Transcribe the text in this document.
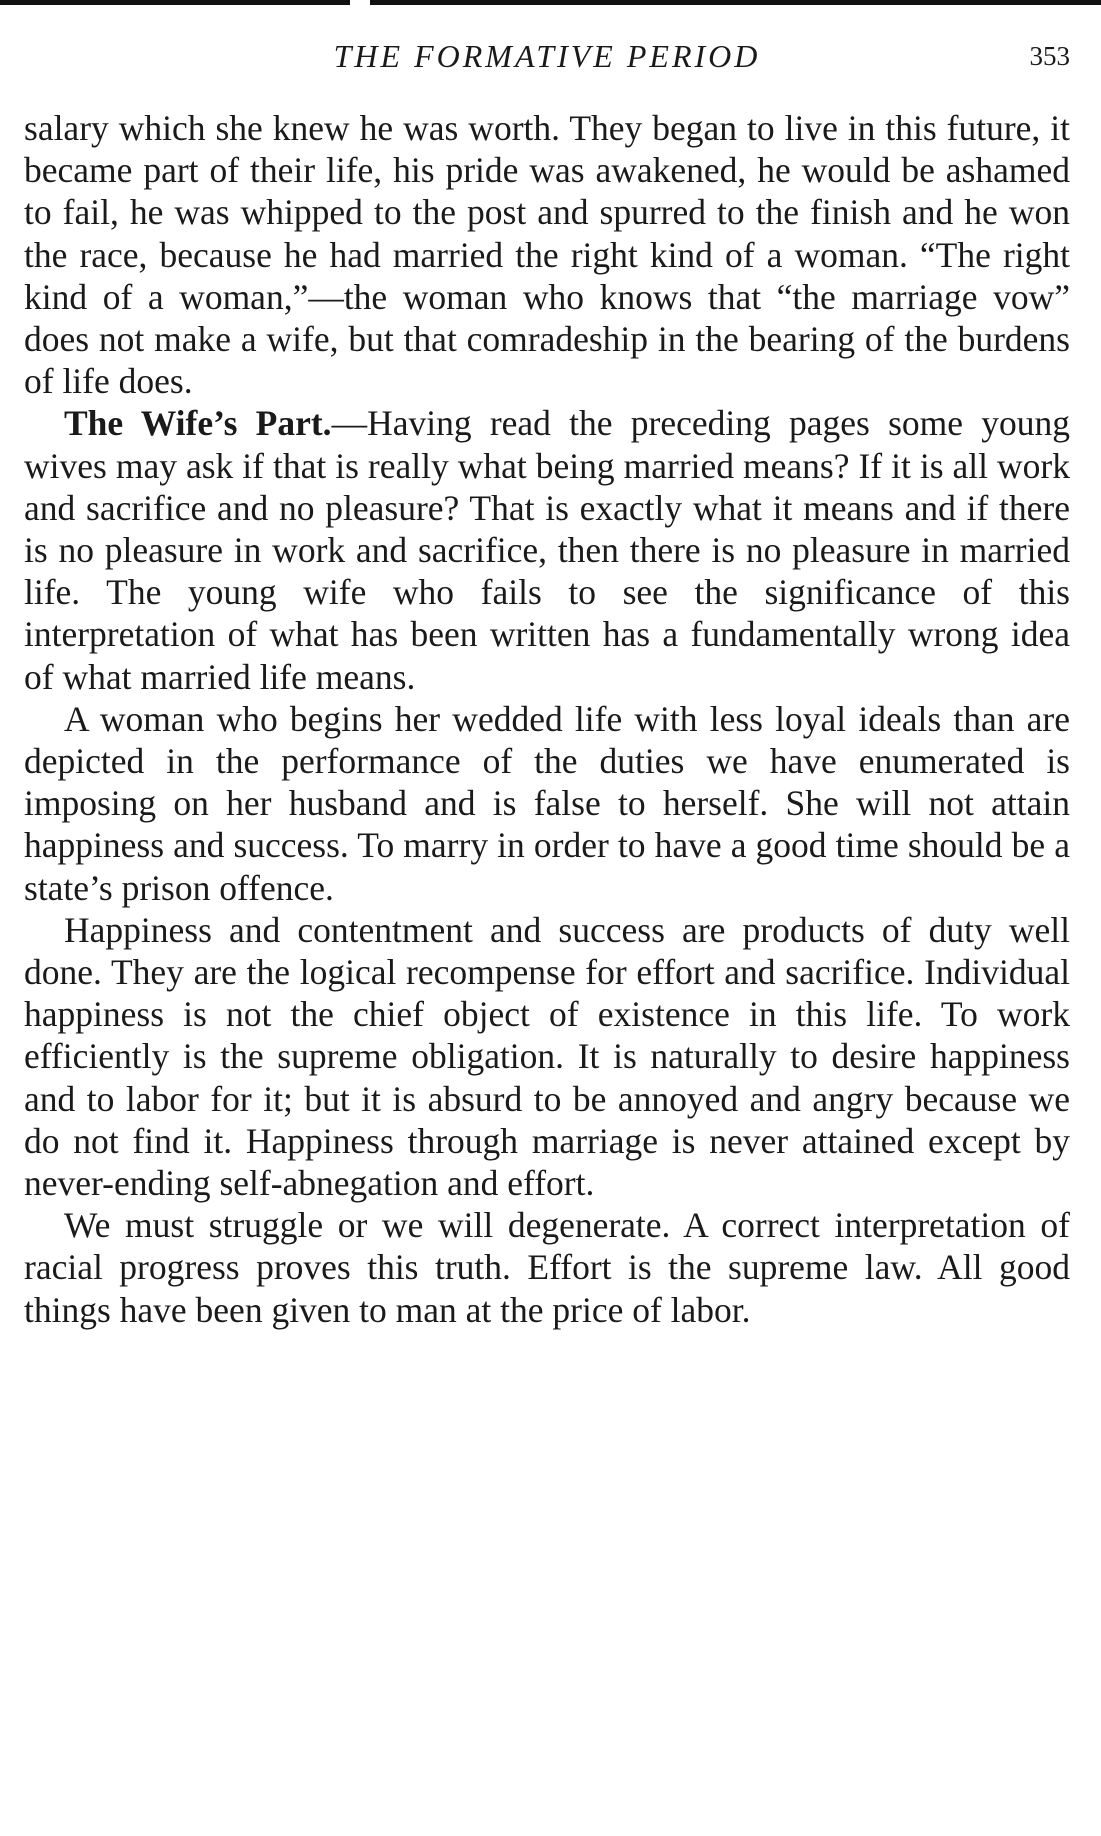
THE FORMATIVE PERIOD	353

salary which she knew he was worth. They began to live in this future, it became part of their life, his pride was awakened, he would be ashamed to fail, he was whipped to the post and spurred to the finish and he won the race, because he had married the right kind of a woman. “The right kind of a woman,”—the woman who knows that “the marriage vow” does not make a wife, but that comradeship in the bearing of the burdens of life does.

The Wife’s Part.—Having read the preceding pages some young wives may ask if that is really what being married means? If it is all work and sacrifice and no pleasure? That is exactly what it means and if there is no pleasure in work and sacrifice, then there is no pleasure in married life. The young wife who fails to see the significance of this interpretation of what has been written has a fundamentally wrong idea of what married life means.

A woman who begins her wedded life with less loyal ideals than are depicted in the performance of the duties we have enumerated is imposing on her husband and is false to herself. She will not attain happiness and success. To marry in order to have a good time should be a state’s prison offence.

Happiness and contentment and success are products of duty well done. They are the logical recompense for effort and sacrifice. Individual happiness is not the chief object of existence in this life. To work efficiently is the supreme obligation. It is naturally to desire happiness and to labor for it; but it is absurd to be annoyed and angry because we do not find it. Happiness through marriage is never attained except by never-ending self-abnegation and effort.

We must struggle or we will degenerate. A correct interpretation of racial progress proves this truth. Effort is the supreme law. All good things have been given to man at the price of labor.
